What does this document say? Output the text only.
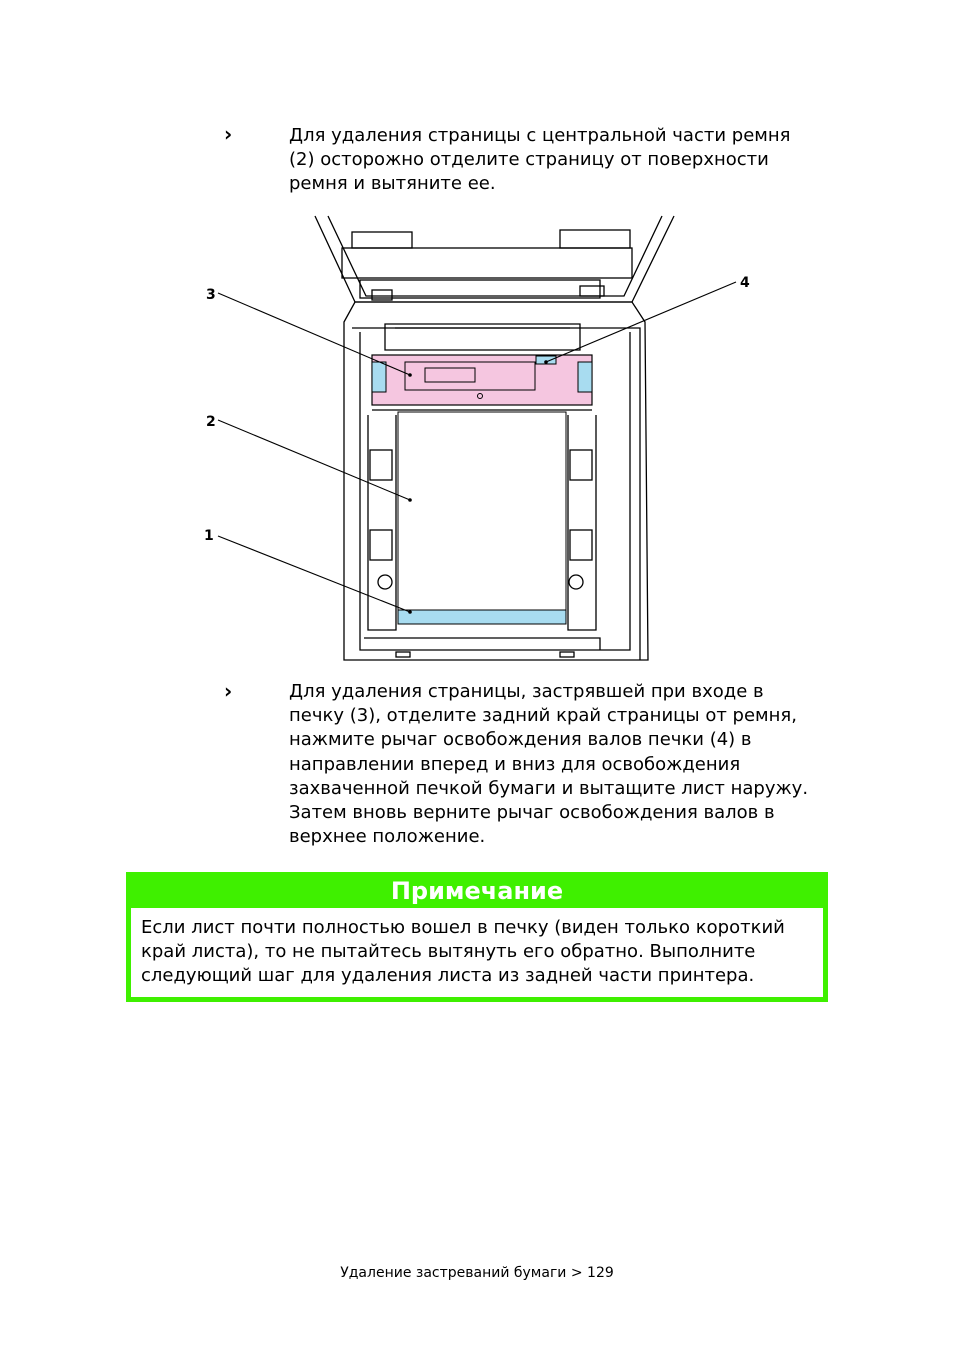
›	Для удаления страницы с центральной части ремня (2) осторожно отделите страницу от поверхности ремня и вытяните ее.
3
2
1
4
›	Для удаления страницы, застрявшей при входе в печку (3), отделите задний край страницы от ремня, нажмите рычаг освобождения валов печки (4) в направлении вперед и вниз для освобождения захваченной печкой бумаги и вытащите лист наружу. Затем вновь верните рычаг освобождения валов в верхнее положение.
Примечание
Если лист почти полностью вошел в печку (виден только короткий край листа), то не пытайтесь вытянуть его обратно. Выполните следующий шаг для удаления листа из задней части принтера.
Удаление застреваний бумаги > 129
